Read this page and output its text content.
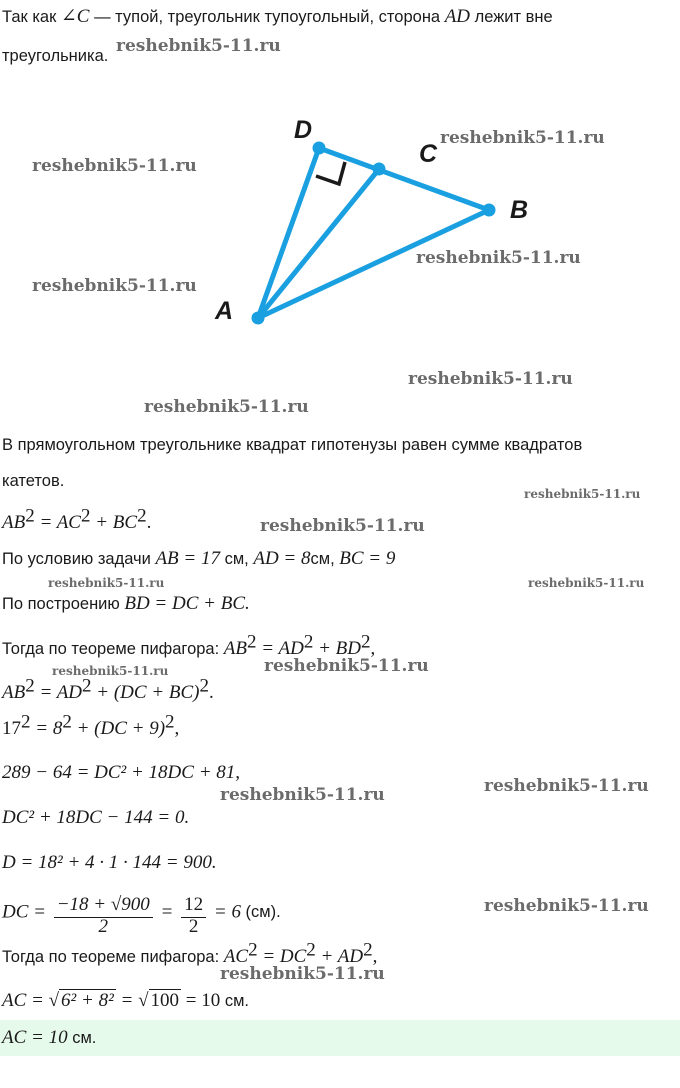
Так как ∠C — тупой, треугольник тупоугольный, сторона AD лежит вне
треугольника.
D
C
B
A
В прямоугольном треугольнике квадрат гипотенузы равен сумме квадратов
катетов.
$AB^2 = AC^2 + BC^2$.
По условию задачи AB = 17 см, AD = 8см, BC = 9
По построению BD = DC + BC.
Тогда по теореме пифагора: $AB^2 = AD^2 + BD^2$,
$AB^2 = AD^2 + (DC + BC)^2$.
$17^2 = 8^2 + (DC + 9)^2$,
289 − 64 = DC² + 18DC + 81,
DC² + 18DC − 144 = 0.
D = 18² + 4 · 1 · 144 = 900.
DC = $\frac{-18 + √900}{2} = \frac{12}{2} = 6$ (см).
Тогда по теореме пифагора: $AC^2 = DC^2 + AD^2$,
AC = √ 6² + 8² = √ 100 = 10 см.
AC = 10 см.
reshebnik5-11.ru
reshebnik5-11.ru
reshebnik5-11.ru
reshebnik5-11.ru
reshebnik5-11.ru
reshebnik5-11.ru
reshebnik5-11.ru
reshebnik5-11.ru
reshebnik5-11.ru
reshebnik5-11.ru	reshebnik5-11.ru
reshebnik5-11.ru	reshebnik5-11.ru
reshebnik5-11.ru
reshebnik5-11.ru
reshebnik5-11.ru
reshebnik5-11.ru
